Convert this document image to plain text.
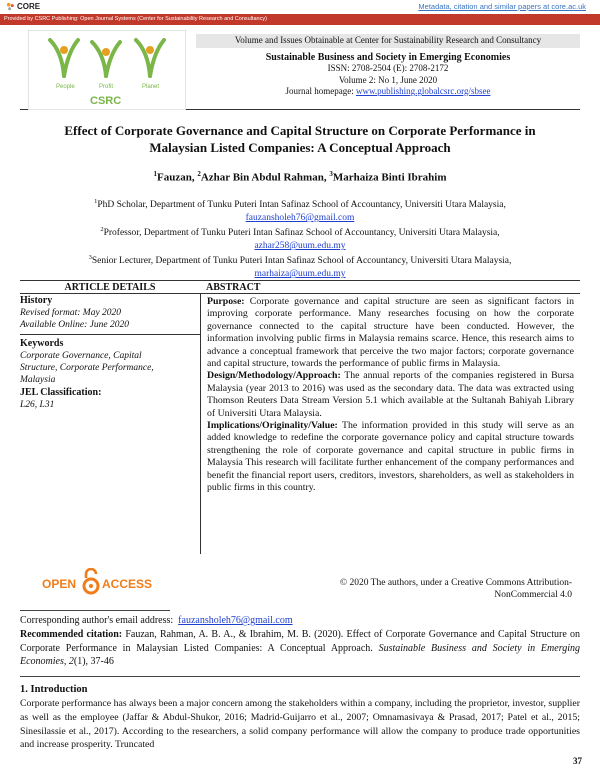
CORE	Metadata, citation and similar papers at core.ac.uk
Provided by CSRC Publishing: Open Journal Systems (Center for Sustainability Research and Consultancy)
People	Profit	Planet
CSRC
Volume and Issues Obtainable at Center for Sustainability Research and Consultancy
Sustainable Business and Society in Emerging Economies
ISSN: 2708-2504 (E): 2708-2172
Volume 2: No 1, June 2020
Journal homepage: www.publishing.globalcsrc.org/sbsee
Effect of Corporate Governance and Capital Structure on Corporate Performance in
Malaysian Listed Companies: A Conceptual Approach
$^1$Fauzan, $^2$Azhar Bin Abdul Rahman, $^3$Marhaiza Binti Ibrahim
$^1$PhD Scholar, Department of Tunku Puteri Intan Safinaz School of Accountancy, Universiti Utara Malaysia,
fauzansholeh76@gmail.com
$^2$Professor, Department of Tunku Puteri Intan Safinaz School of Accountancy, Universiti Utara Malaysia,
azhar258@uum.edu.my
$^3$Senior Lecturer, Department of Tunku Puteri Intan Safinaz School of Accountancy, Universiti Utara Malaysia,
marhaiza@uum.edu.my
ARTICLE DETAILS
History
Revised format: May 2020
Available Online: June 2020
Keywords
Corporate Governance, Capital
Structure, Corporate Performance,
Malaysia
JEL Classification:
L26, L31
ABSTRACT
Purpose: Corporate governance and capital structure are seen as significant factors in improving corporate performance. Many researches focusing on how the corporate governance connected to the capital structure have been conducted. However, the information involving public firms in Malaysia remains scarce. Hence, this research aims to advance a conceptual framework that perceive the two major factors; corporate governance and capital structure, towards the performance of public firms in Malaysia.
Design/Methodology/Approach: The annual reports of the companies registered in Bursa Malaysia (year 2013 to 2016) was used as the secondary data. The data was extracted using Thomson Reuters Data Stream Version 5.1 which available at the Sultanah Bahiyah Library of Universiti Utara Malaysia.
Implications/Originality/Value: The information provided in this study will serve as an added knowledge to redefine the corporate governance policy and capital structure towards strengthening the role of corporate governance and capital structure in public firms in Malaysia This research will facilitate further enhancement of the company performances and benefit the financial report users, creditors, investors, shareholders, as well as stakeholders in public firms in this country.
OPEN ACCESS	© 2020 The authors, under a Creative Commons Attribution-
NonCommercial 4.0
Corresponding author's email address: fauzansholeh76@gmail.com
Recommended citation: Fauzan, Rahman, A. B. A., & Ibrahim, M. B. (2020). Effect of Corporate Governance and Capital Structure on Corporate Performance in Malaysian Listed Companies: A Conceptual Approach. Sustainable Business and Society in Emerging Economies, 2(1), 37-46
1. Introduction
Corporate performance has always been a major concern among the stakeholders within a company, including the proprietor, investor, supplier as well as the employee (Jaffar & Abdul-Shukor, 2016; Madrid-Guijarro et al., 2007; Omnamasivaya & Prasad, 2017; Patel et al., 2015; Sinesilassie et al., 2017). According to the researchers, a solid company performance will allow the company to produce trade opportunities and increase prosperity. Truncated
37
